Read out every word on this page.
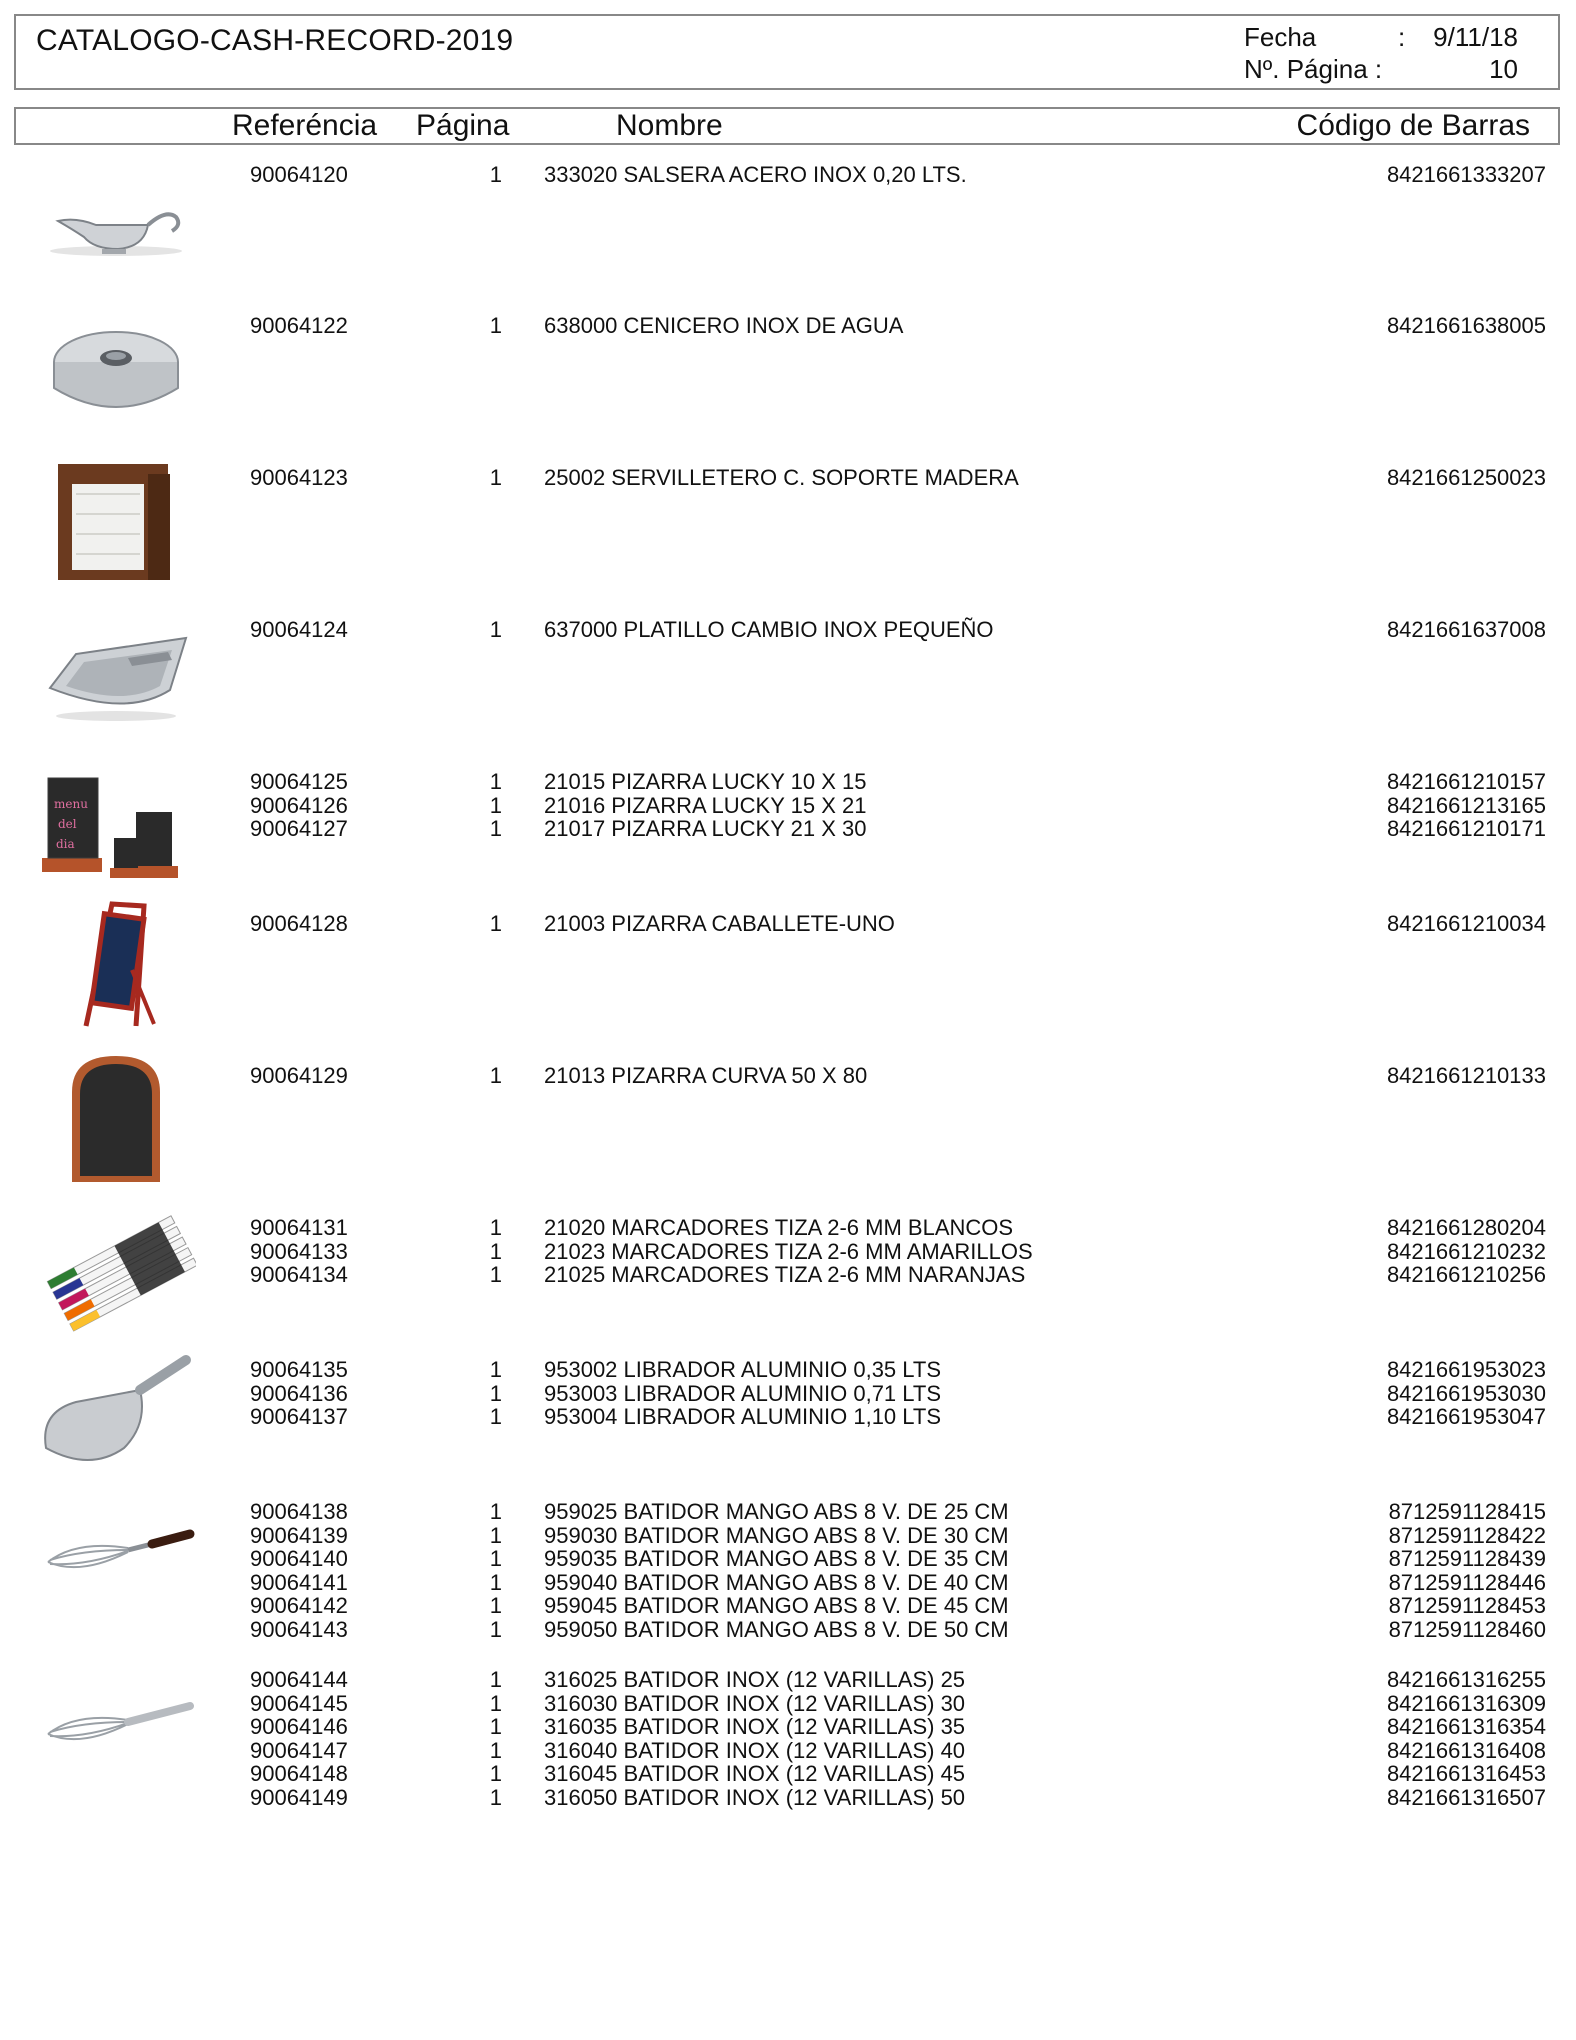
CATALOGO-CASH-RECORD-2019	Fecha	: 9/11/18
Nº. Página :	10
Referéncia Página	Nombre	Código de Barras
90064120	1 333020 SALSERA ACERO INOX 0,20 LTS.	8421661333207
90064122	1 638000 CENICERO INOX DE AGUA	8421661638005
90064123	1 25002 SERVILLETERO C. SOPORTE MADERA	8421661250023
90064124	1 637000 PLATILLO CAMBIO INOX PEQUEÑO	8421661637008
menu
del
dia
90064125	1 21015 PIZARRA LUCKY 10 X 15	8421661210157
90064126	1 21016 PIZARRA LUCKY 15 X 21	8421661213165
90064127	1 21017 PIZARRA LUCKY 21 X 30	8421661210171
90064128	1 21003 PIZARRA CABALLETE-UNO	8421661210034
90064129	1 21013 PIZARRA CURVA 50 X 80	8421661210133
90064131	1 21020 MARCADORES TIZA 2-6 MM BLANCOS	8421661280204
90064133	1 21023 MARCADORES TIZA 2-6 MM AMARILLOS	8421661210232
90064134	1 21025 MARCADORES TIZA 2-6 MM NARANJAS	8421661210256
90064135	1 953002 LIBRADOR ALUMINIO 0,35 LTS	8421661953023
90064136	1 953003 LIBRADOR ALUMINIO 0,71 LTS	8421661953030
90064137	1 953004 LIBRADOR ALUMINIO 1,10 LTS	8421661953047
90064138	1 959025 BATIDOR MANGO ABS 8 V. DE 25 CM	8712591128415
90064139	1 959030 BATIDOR MANGO ABS 8 V. DE 30 CM	8712591128422
90064140	1 959035 BATIDOR MANGO ABS 8 V. DE 35 CM	8712591128439
90064141	1 959040 BATIDOR MANGO ABS 8 V. DE 40 CM	8712591128446
90064142	1 959045 BATIDOR MANGO ABS 8 V. DE 45 CM	8712591128453
90064143	1 959050 BATIDOR MANGO ABS 8 V. DE 50 CM	8712591128460
90064144	1 316025 BATIDOR INOX (12 VARILLAS) 25	8421661316255
90064145	1 316030 BATIDOR INOX (12 VARILLAS) 30	8421661316309
90064146	1 316035 BATIDOR INOX (12 VARILLAS) 35	8421661316354
90064147	1 316040 BATIDOR INOX (12 VARILLAS) 40	8421661316408
90064148	1 316045 BATIDOR INOX (12 VARILLAS) 45	8421661316453
90064149	1 316050 BATIDOR INOX (12 VARILLAS) 50	8421661316507
